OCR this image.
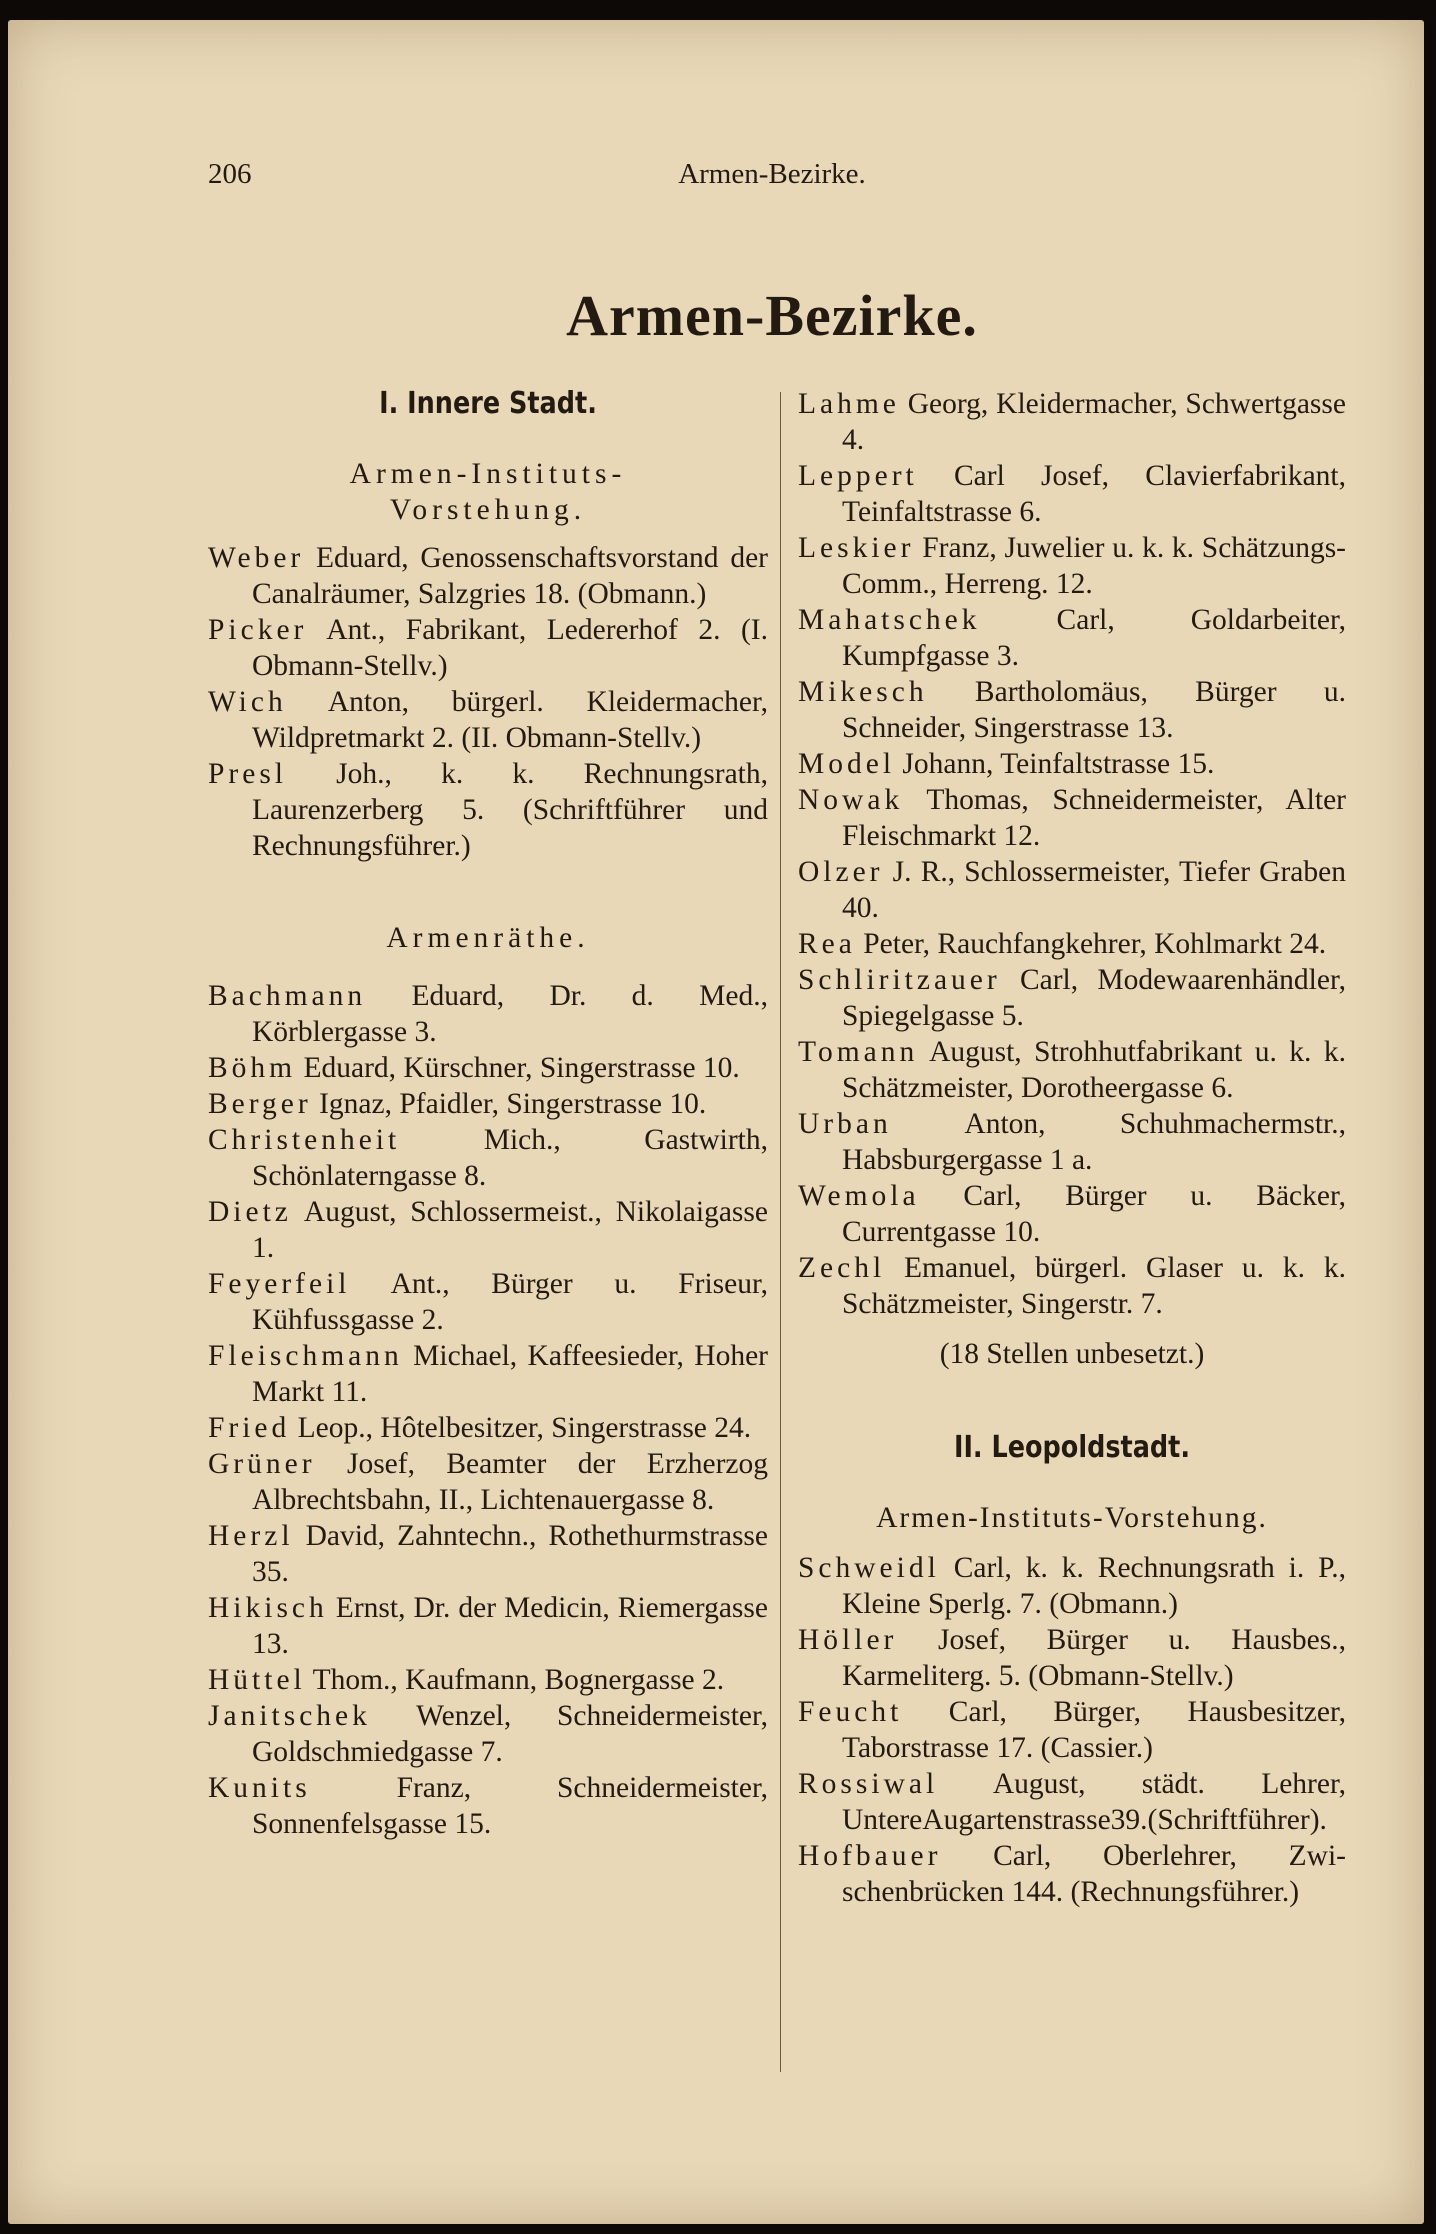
206	Armen-Bezirke.
Armen-Bezirke.

I. Innere Stadt.

Armen-Instituts-

Vorstehung.

Weber Eduard, Genossenschaftsvorstand der Canalräumer, Salzgries 18. (Obmann.)

Picker Ant., Fabrikant, Ledererhof 2. (I. Obmann-Stellv.)

Wich Anton, bürgerl. Kleidermacher, Wildpretmarkt 2. (II. Obmann-Stellv.)

Presl Joh., k. k. Rechnungsrath, Laurenzerberg 5. (Schriftführer und Rechnungsführer.)

Armenräthe.

Bachmann Eduard, Dr. d. Med., Körblergasse 3.

Böhm Eduard, Kürschner, Singerstrasse 10.

Berger Ignaz, Pfaidler, Singerstrasse 10.

Christenheit Mich., Gastwirth, Schönlaterngasse 8.

Dietz August, Schlossermeist., Nikolaigasse 1.

Feyerfeil Ant., Bürger u. Friseur, Kühfussgasse 2.

Fleischmann Michael, Kaffeesieder, Hoher Markt 11.

Fried Leop., Hôtelbesitzer, Singerstrasse 24.

Grüner Josef, Beamter der Erzherzog Albrechtsbahn, II., Lichtenauergasse 8.

Herzl David, Zahntechn., Rothethurmstrasse 35.

Hikisch Ernst, Dr. der Medicin, Riemergasse 13.

Hüttel Thom., Kaufmann, Bognergasse 2.

Janitschek Wenzel, Schneidermeister, Goldschmiedgasse 7.

Kunits Franz, Schneidermeister, Sonnenfelsgasse 15.

Lahme Georg, Kleidermacher, Schwertgasse 4.

Leppert Carl Josef, Clavierfabrikant, Teinfaltstrasse 6.

Leskier Franz, Juwelier u. k. k. Schätzungs-Comm., Herreng. 12.

Mahatschek Carl, Goldarbeiter, Kumpfgasse 3.

Mikesch Bartholomäus, Bürger u. Schneider, Singerstrasse 13.

Model Johann, Teinfaltstrasse 15.

Nowak Thomas, Schneidermeister, Alter Fleischmarkt 12.

Olzer J. R., Schlossermeister, Tiefer Graben 40.

Rea Peter, Rauchfangkehrer, Kohlmarkt 24.

Schliritzauer Carl, Modewaarenhändler, Spiegelgasse 5.

Tomann August, Strohhutfabrikant u. k. k. Schätzmeister, Dorotheergasse 6.

Urban Anton, Schuhmachermstr., Habsburgergasse 1 a.

Wemola Carl, Bürger u. Bäcker, Currentgasse 10.

Zechl Emanuel, bürgerl. Glaser u. k. k. Schätzmeister, Singerstr. 7.

(18 Stellen unbesetzt.)

II. Leopoldstadt.

Armen-Instituts-Vorstehung.

Schweidl Carl, k. k. Rechnungsrath i. P., Kleine Sperlg. 7. (Obmann.)

Höller Josef, Bürger u. Hausbes., Karmeliterg. 5. (Obmann-Stellv.)

Feucht Carl, Bürger, Hausbesitzer, Taborstrasse 17. (Cassier.)

Rossiwal August, städt. Lehrer, UntereAugartenstrasse39.(Schriftführer).

Hofbauer Carl, Oberlehrer, Zwischenbrücken 144. (Rechnungsführer.)
